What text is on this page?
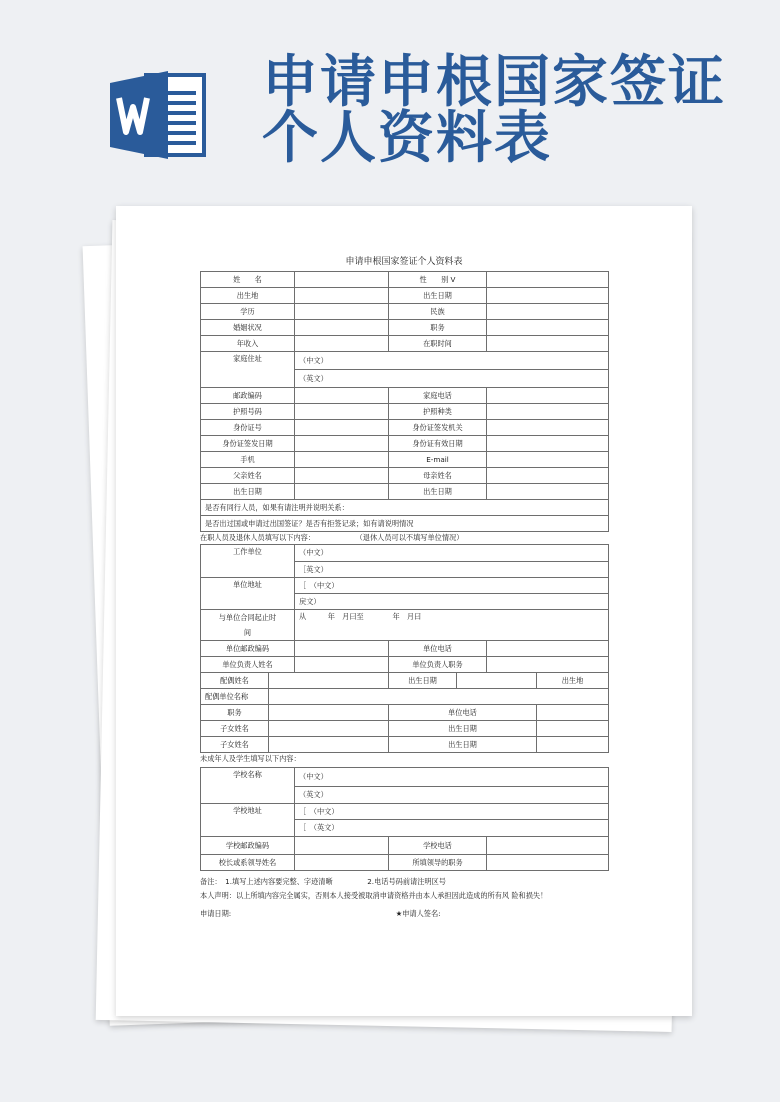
申请申根国家签证
个人资料表
申请申根国家签证个人资料表
姓　　名		性　　别 V	
出生地		出生日期	
学历		民族	
婚姻状况		职务	
年收入		在职时间	
家庭住址	（中文）		
	（英文）		
邮政编码		家庭电话	
护照号码		护照种类	
身份证号		身份证签发机关	
身份证签发日期		身份证有效日期	
手机		E-mail	
父亲姓名		母亲姓名	
出生日期		出生日期	
是否有同行人员，如果有请注明并说明关系：			
是否出过国或申请过出国签证？是否有拒签记录；如有请说明情况			
在职人员及退休人员填写以下内容：	（退休人员可以不填写单位情况）
工作单位	（中文）		
	［英文）		
单位地址	［　（中文）		
	戻文）		
与单位合同起止时
间	从　　　年　月曰至　　　　年　月曰		
单位邮政编码		单位电话	
单位负责人姓名		单位负责人职务	
配偶姓名		出生日期		出生地
配偶单位名称				
职务		单位电话		
子女姓名		出生日期		
子女姓名		出生日期		
未成年人及学生填写以下内容：
学校名称	（中文）		
	（英文）		
学校地址	［　（中文）		
	［　（英文）		
学校邮政编码		学校电话	
校长或系领导姓名		所填领导的职务	
备注：　1.填写上述内容要完整、字迹清晰	2.电话号码前请注明区号
本人声明：以上所填内容完全属实，否则本人接受被取消申请资格并由本人承担因此造成的所有风 险和损失！
申请日期:	★申请人签名:
